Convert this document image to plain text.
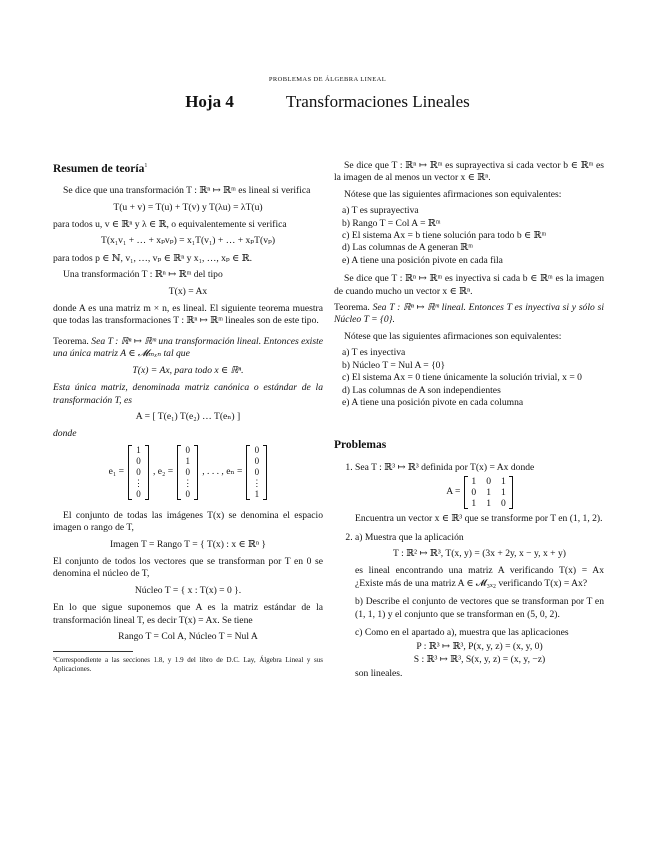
PROBLEMAS DE ÁLGEBRA LINEAL
Hoja 4	Transformaciones Lineales
Resumen de teoría$^1$

Se dice que una transformación T : ℝⁿ ↦ ℝᵐ es lineal si verifica

T(u + v) = T(u) + T(v) y T(λu) = λT(u)

para todos u, v ∈ ℝⁿ y λ ∈ ℝ, o equivalentemente si verifica

T(x₁v₁ + … + xₚvₚ) = x₁T(v₁) + … + xₚT(vₚ)

para todos p ∈ ℕ, v₁, …, vₚ ∈ ℝⁿ y x₁, …, xₚ ∈ ℝ.

Una transformación T : ℝⁿ ↦ ℝᵐ del tipo

T(x) = Ax

donde A es una matriz m × n, es lineal. El siguiente teorema muestra que todas las transformaciones T : ℝⁿ ↦ ℝᵐ lineales son de este tipo.

Teorema. Sea T : ℝⁿ ↦ ℝᵐ una transformación lineal. Entonces existe una única matriz A ∈ 𝓜ₘₓₙ tal que

T(x) = Ax, para todo x ∈ ℝⁿ.

Esta única matriz, denominada matriz canónica o estándar de la transformación T, es

A = [ T(e₁) T(e₂) … T(eₙ) ]

donde

e₁ =
1
0
0
⋮
0
, e₂ =
0
1
0
⋮
0
, . . . , eₙ =
0
0
0
⋮
1

El conjunto de todas las imágenes T(x) se denomina el espacio imagen o rango de T,

Imagen T = Rango T = { T(x) : x ∈ ℝⁿ }

El conjunto de todos los vectores que se transforman por T en 0 se denomina el núcleo de T,

Núcleo T = { x : T(x) = 0 }.

En lo que sigue suponemos que A es la matriz estándar de la transformación lineal T, es decir T(x) = Ax. Se tiene

Rango T = Col A, Núcleo T = Nul A
¹Correspondiente a las secciones 1.8, y 1.9 del libro de D.C. Lay, Álgebra Lineal y sus Aplicaciones.

Se dice que T : ℝⁿ ↦ ℝᵐ es suprayectiva si cada vector b ∈ ℝᵐ es la imagen de al menos un vector x ∈ ℝⁿ.

Nótese que las siguientes afirmaciones son equivalentes:

a) T es suprayectiva
b) Rango T = Col A = ℝᵐ
c) El sistema Ax = b tiene solución para todo b ∈ ℝᵐ
d) Las columnas de A generan ℝᵐ
e) A tiene una posición pivote en cada fila

Se dice que T : ℝⁿ ↦ ℝᵐ es inyectiva si cada b ∈ ℝᵐ es la imagen de cuando mucho un vector x ∈ ℝⁿ.

Teorema. Sea T : ℝⁿ ↦ ℝᵐ lineal. Entonces T es inyectiva si y sólo si Núcleo T = {0}.

Nótese que las siguientes afirmaciones son equivalentes:

a) T es inyectiva
b) Núcleo T = Nul A = {0}
c) El sistema Ax = 0 tiene únicamente la solución trivial, x = 0
d) Las columnas de A son independientes
e) A tiene una posición pivote en cada columna
Problemas
1. Sea T : ℝ³ ↦ ℝ³ definida por T(x) = Ax donde
A =
1 0 1
0 1 1
1 1 0
Encuentra un vector x ∈ ℝ³ que se transforme por T en (1, 1, 2).
2. a) Muestra que la aplicación
T : ℝ² ↦ ℝ³, T(x, y) = (3x + 2y, x − y, x + y)
es lineal encontrando una matriz A verificando T(x) = Ax ¿Existe más de una matriz A ∈ 𝓜₃ₓ₂ verificando T(x) = Ax?
b) Describe el conjunto de vectores que se transforman por T en (1, 1, 1) y el conjunto que se transforman en (5, 0, 2).
c) Como en el apartado a), muestra que las aplicaciones
P : ℝ³ ↦ ℝ³, P(x, y, z) = (x, y, 0)
S : ℝ³ ↦ ℝ³, S(x, y, z) = (x, y, −z)
son lineales.
